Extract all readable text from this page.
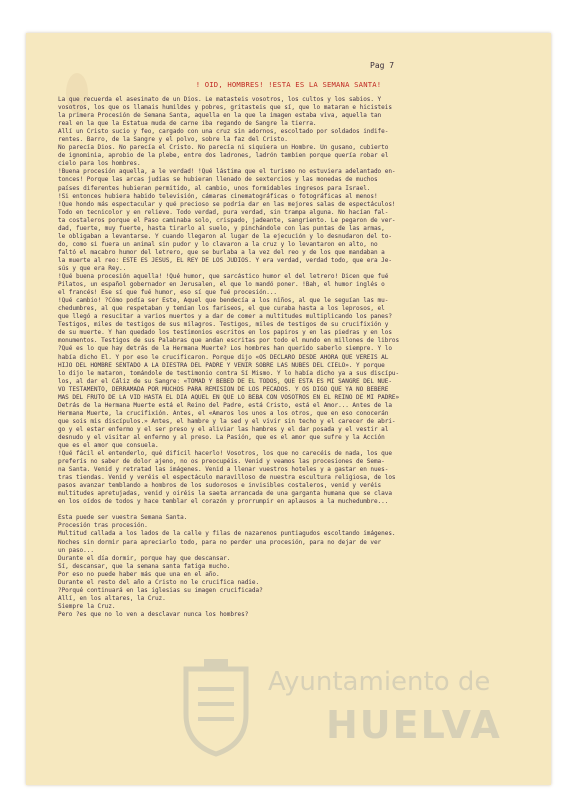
Pag 7
! OID, HOMBRES! !ESTA ES LA SEMANA SANTA!
La que recuerda el asesinato de un Dios. Le matasteis vosotros, los cultos y los sabios. Y
vosotros, los que os llamais humildes y pobres, gritasteis que sí, que lo mataran e hicisteis
la primera Procesión de Semana Santa, aquella en la que la imagen estaba viva, aquella tan
real en la que la Estatua muda de carne iba regando de Sangre la tierra.
Allí un Cristo sucio y feo, cargado con una cruz sin adornos, escoltado por soldados indife-
rentes. Barro, de la Sangre y el polvo, sobre la faz del Cristo.
No parecía Dios. No parecía el Cristo. No parecía ni siquiera un Hombre. Un gusano, cubierto
de ignominia, aprobio de la plebe, entre dos ladrones, ladrón tambien porque quería robar el
cielo para los hombres.
!Buena procesión aquella, a le verdad! !Qué lástima que el turismo no estuviera adelantado en-
tonces! Porque las arcas judías se hubieran llenado de sextercios y las monedas de muchos
países diferentes hubieran permitido, al cambio, unos formidables ingresos para Israel.
!Si entonces hubiera habido televisión, cámaras cinematográficas o fotográficas al menos!
!Que hondo más espectacular y qué precioso se podría dar en las mejores salas de espectáculos!
Todo en tecnicolor y en relieve. Todo verdad, pura verdad, sin trampa alguna. No hacían fal-
ta costaleros porque el Paso caminaba solo, crispado, jadeante, sangriento. Le pegaron de ver-
dad, fuerte, muy fuerte, hasta tirarlo al suelo, y pinchándole con las puntas de las armas,
le obligaban a levantarse. Y cuando llegaron al lugar de la ejecución y lo desnudaron del to-
do, como si fuera un animal sin pudor y lo clavaron a la cruz y lo levantaron en alto, no
faltó el macabro humor del letrero, que se burlaba a la vez del reo y de los que mandaban a
la muerte al reo: ESTE ES JESUS, EL REY DE LOS JUDIOS. Y era verdad, verdad todo, que era Je-
sús y que era Rey..
!Qué buena procesión aquella! !Qué humor, que sarcástico humor el del letrero! Dicen que fué
Pilatos, un español gobernador en Jerusalen, el que lo mandó poner. !Bah, el humor inglés o
el francés! Ese sí que fué humor, eso sí que fué procesión...
!Qué cambio! ?Cómo podía ser Este, Aquel que bendecía a los niños, al que le seguían las mu-
chedumbres, al que respetaban y temían los fariseos, el que curaba hasta a los leprosos, el
que llegó a resucitar a varios muertos y a dar de comer a multitudes multiplicando los panes?
Testigos, miles de testigos de sus milagros. Testigos, miles de testigos de su crucifixión y
de su muerte. Y han quedado los testimonios escritos en los papiros y en las piedras y en los
monumentos. Testigos de sus Palabras que andan escritas por todo el mundo en millones de libros
?Qué es lo que hay detrás de la Hermana Muerte? Los hombres han querido saberlo siempre. Y lo
había dicho El. Y por eso le crucificaron. Porque dijo «OS DECLARO DESDE AHORA QUE VEREIS AL
HIJO DEL HOMBRE SENTADO A LA DIESTRA DEL PADRE Y VENIR SOBRE LAS NUBES DEL CIELO». Y porque
lo dijo le mataron, tomándole de testimonio contra Sí Mismo. Y lo había dicho ya a sus discípu-
los, al dar el Cáliz de su Sangre: «TOMAD Y BEBED DE EL TODOS, QUE ESTA ES MI SANGRE DEL NUE-
VO TESTAMENTO, DERRAMADA POR MUCHOS PARA REMISION DE LOS PECADOS. Y OS DIGO QUE YA NO BEBERE
MAS DEL FRUTO DE LA VID HASTA EL DIA AQUEL EN QUE LO BEBA CON VOSOTROS EN EL REINO DE MI PADRE»
Detrás de la Hermana Muerte está el Reino del Padre, está Cristo, está el Amor... Antes de la
Hermana Muerte, la crucifixión. Antes, el «Amaros los unos a los otros, que en eso conocerán
que sois mis discípulos.» Antes, el hambre y la sed y el vivir sin techo y el carecer de abri-
go y el estar enfermo y el ser preso y el aliviar las hambres y el dar posada y el vestir al
desnudo y el visitar al enfermo y al preso. La Pasión, que es el amor que sufre y la Acción
que es el amor que consuela.
!Qué fácil el entenderlo, qué difícil hacerlo! Vosotros, los que no carecéis de nada, los que
preferís no saber de dolor ajeno, no os preocupéis. Venid y veamos las procesiones de Sema-
na Santa. Venid y retratad las imágenes. Venid a llenar vuestros hoteles y a gastar en nues-
tras tiendas. Venid y veréis el espectáculo maravilloso de nuestra escultura religiosa, de los
pasos avanzar temblando a hombros de los sudorosos e invisibles costaleros, venid y veréis
multitudes apretujadas, venid y oiréis la saeta arrancada de una garganta humana que se clava
en los oídos de todos y hace temblar el corazón y prorrumpir en aplausos a la muchedumbre...
Esta puede ser vuestra Semana Santa.
Procesión tras procesión.
Multitud callada a los lados de la calle y filas de nazarenos puntiagudos escoltando imágenes.
Noches sin dormir para apreciarlo todo, para no perder una procesión, para no dejar de ver
un paso...
Durante el día dormir, porque hay que descansar.
Sí, descansar, que la semana santa fatiga mucho.
Por eso no puede haber más que una en el año.
Durante el resto del año a Cristo no le crucifica nadie.
?Porqué continuará en las iglesias su imagen crucificada?
Allí, en los altares, la Cruz.
Siempre la Cruz.
Pero ?es que no lo ven a desclavar nunca los hombres?
Ayuntamiento de
HUELVA
